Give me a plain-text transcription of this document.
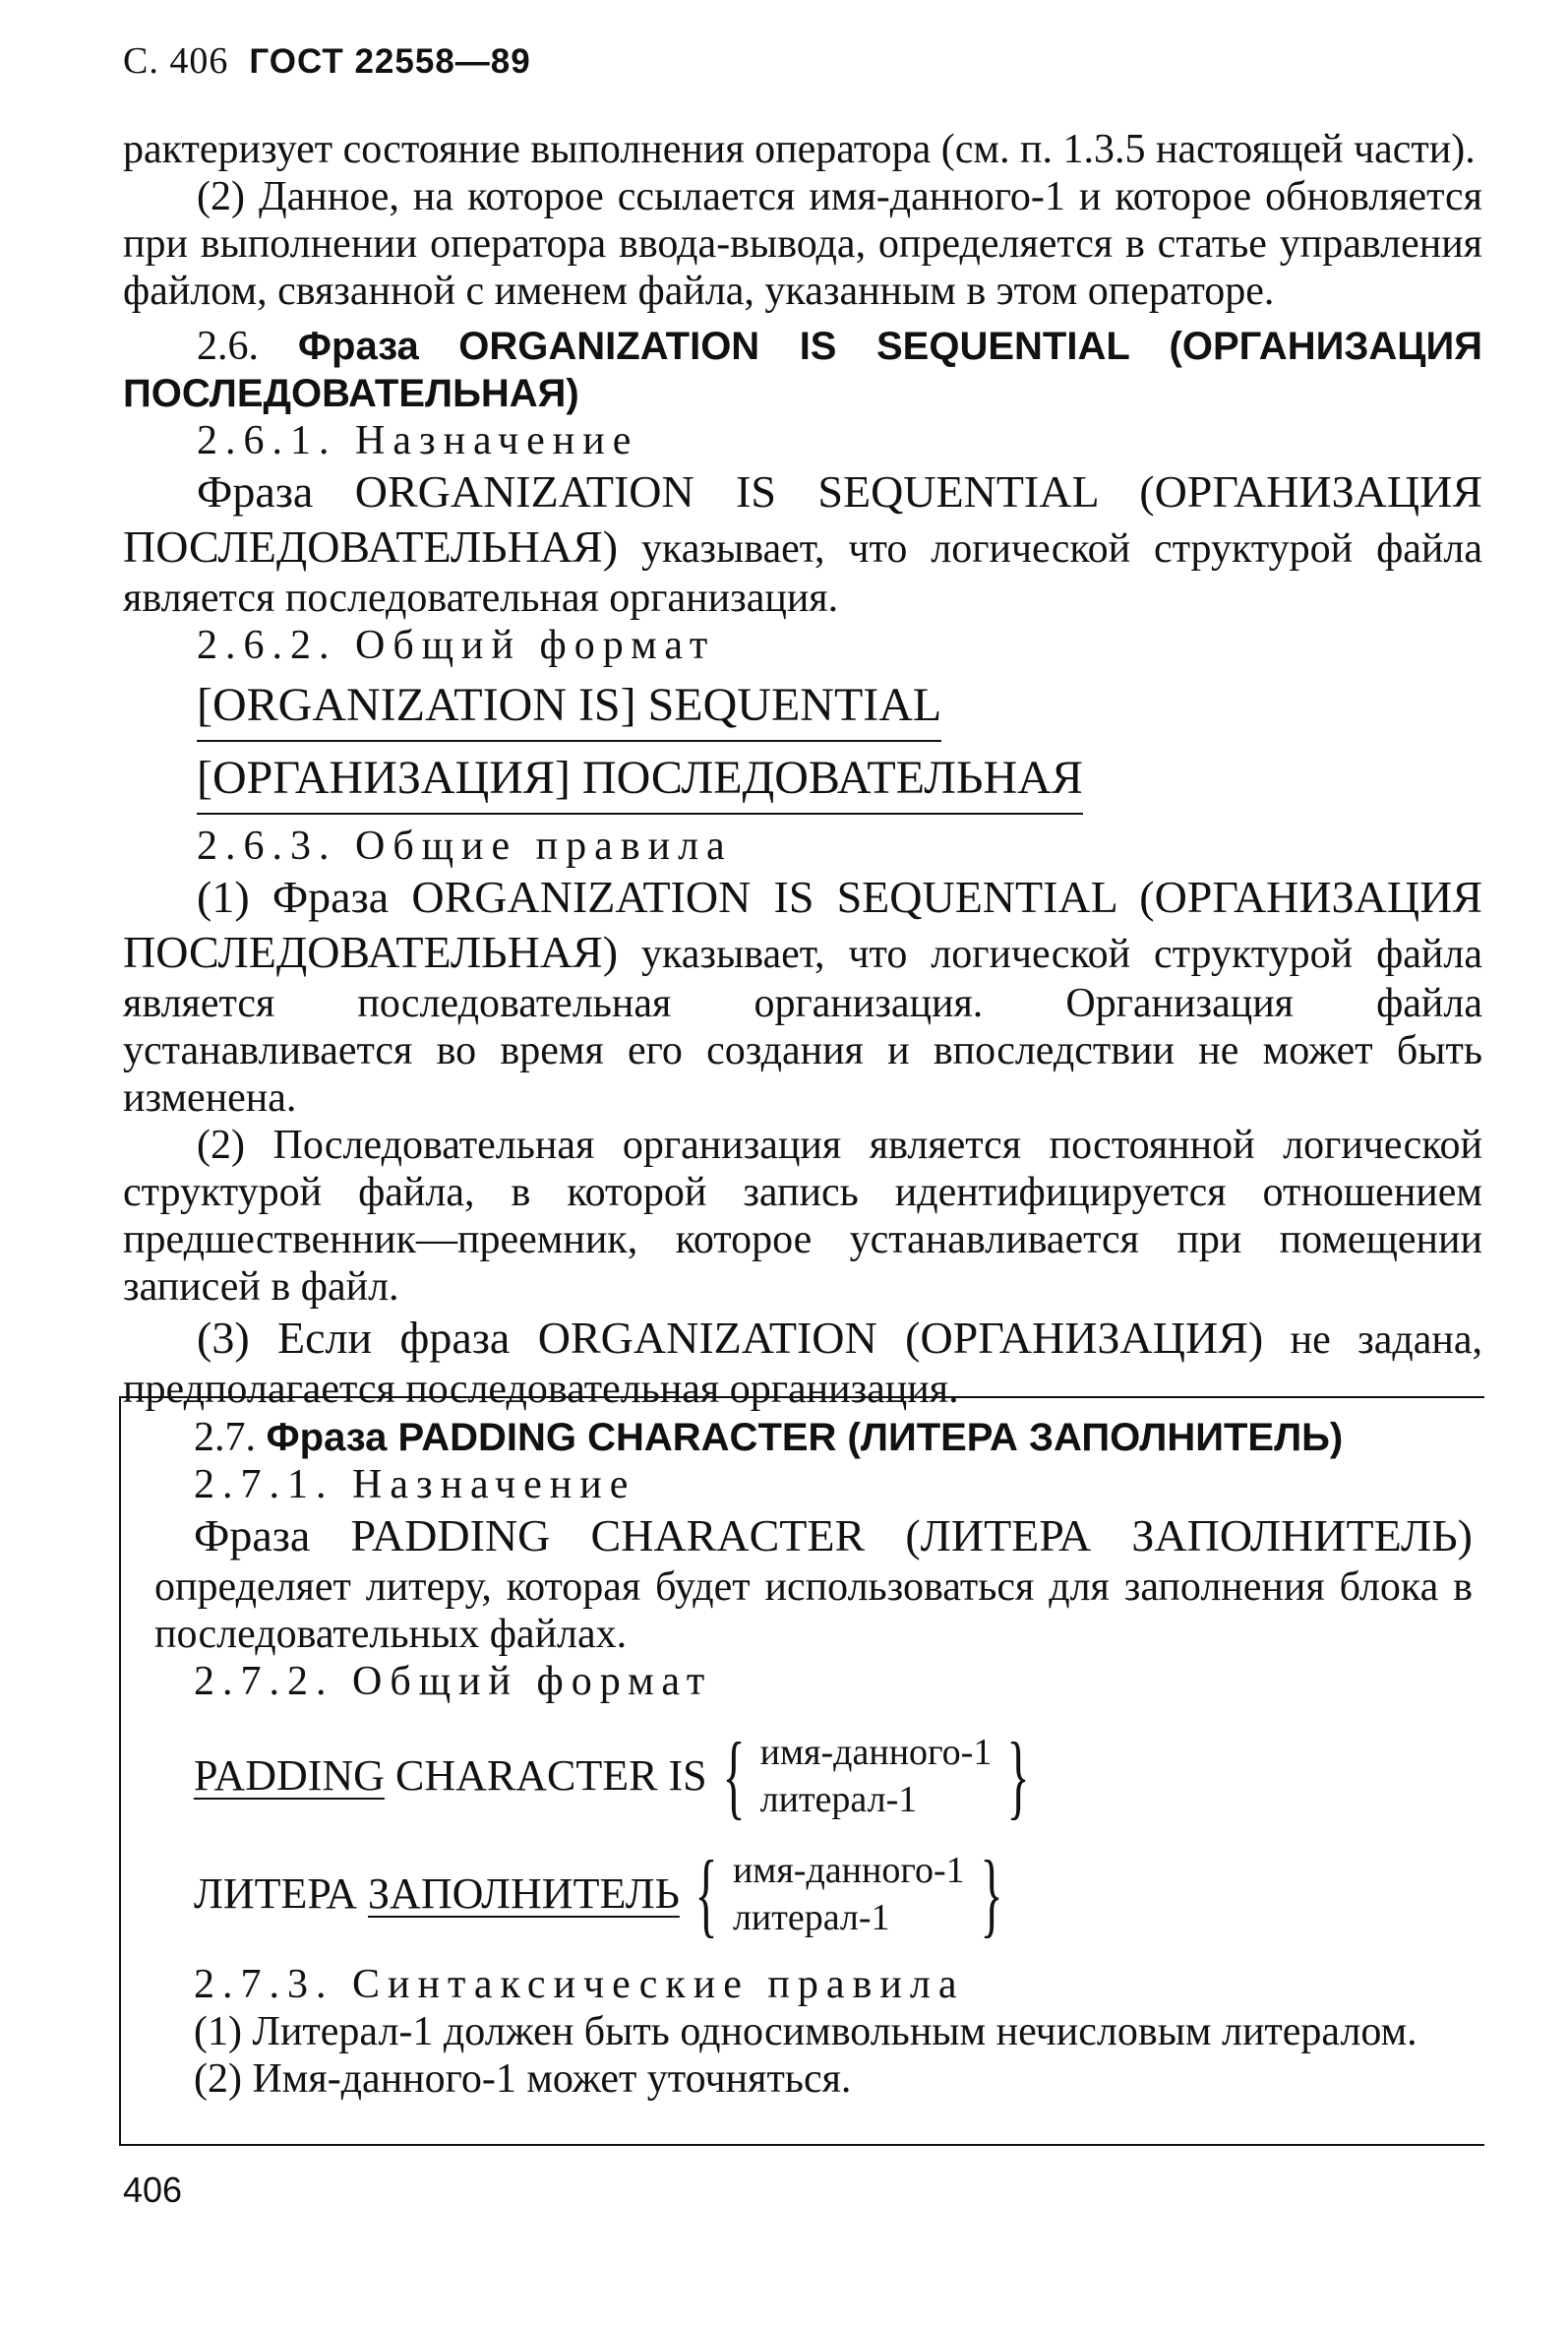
С. 406 ГОСТ 22558—89

рактеризует состояние выполнения оператора (см. п. 1.3.5 настоящей части).

(2) Данное, на которое ссылается имя-данного-1 и которое обновляется при выполнении оператора ввода-вывода, определяется в статье управления файлом, связанной с именем файла, указанным в этом операторе.

2.6. Фраза ORGANIZATION IS SEQUENTIAL (ОРГАНИЗАЦИЯ ПОСЛЕДОВАТЕЛЬНАЯ)

2.6.1. Назначение

Фраза ORGANIZATION IS SEQUENTIAL (ОРГАНИЗАЦИЯ ПОСЛЕДОВАТЕЛЬНАЯ) указывает, что логической структурой файла является последовательная организация.

2.6.2. Общий формат

[ORGANIZATION IS] SEQUENTIAL
[ОРГАНИЗАЦИЯ] ПОСЛЕДОВАТЕЛЬНАЯ

2.6.3. Общие правила

(1) Фраза ORGANIZATION IS SEQUENTIAL (ОРГАНИЗАЦИЯ ПОСЛЕДОВАТЕЛЬНАЯ) указывает, что логической структурой файла является последовательная организация. Организация файла устанавливается во время его создания и впоследствии не может быть изменена.

(2) Последовательная организация является постоянной логической структурой файла, в которой запись идентифицируется отношением предшественник—преемник, которое устанавливается при помещении записей в файл.

(3) Если фраза ORGANIZATION (ОРГАНИЗАЦИЯ) не задана, предполагается последовательная организация.

2.7. Фраза PADDING CHARACTER (ЛИТЕРА ЗАПОЛНИТЕЛЬ)

2.7.1. Назначение

Фраза PADDING CHARACTER (ЛИТЕРА ЗАПОЛНИТЕЛЬ) определяет литеру, которая будет использоваться для заполнения блока в последовательных файлах.

2.7.2. Общий формат

PADDING
CHARACTER IS { имя-данного-1
литерал-1 }
ЛИТЕРА
ЗАПОЛНИТЕЛЬ { имя-данного-1
литерал-1 }

2.7.3. Синтаксические правила

(1) Литерал-1 должен быть односимвольным нечисловым литералом.

(2) Имя-данного-1 может уточняться.

406
